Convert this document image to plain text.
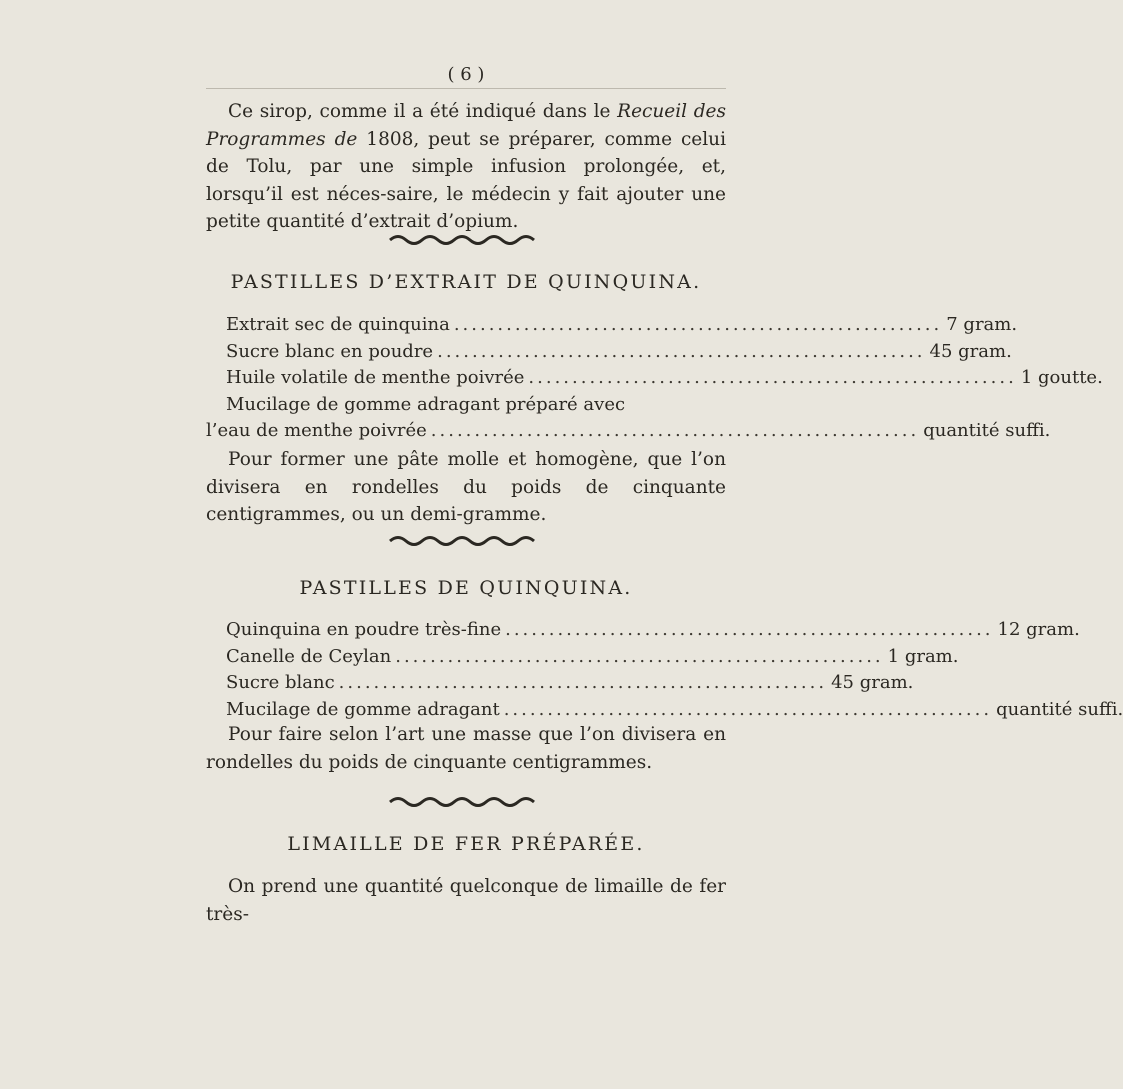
( 6 )
Ce sirop, comme il a été indiqué dans le Recueil des Programmes de 1808, peut se préparer, comme celui de Tolu, par une simple infusion prolongée, et, lorsqu’il est néces-saire, le médecin y fait ajouter une petite quantité d’extrait d’opium.
PASTILLES D’EXTRAIT DE QUINQUINA.
Extrait sec de quinquina ........................................................ 7 gram.
Sucre blanc en poudre ........................................................ 45 gram.
Huile volatile de menthe poivrée ........................................................ 1 goutte.
Mucilage de gomme adragant préparé avec
l’eau de menthe poivrée ........................................................ quantité suffi.
Pour former une pâte molle et homogène, que l’on divisera en rondelles du poids de cinquante centigrammes, ou un demi-gramme.
PASTILLES DE QUINQUINA.
Quinquina en poudre très-fine ........................................................ 12 gram.
Canelle de Ceylan ........................................................ 1 gram.
Sucre blanc ........................................................ 45 gram.
Mucilage de gomme adragant ........................................................ quantité suffi.
Pour faire selon l’art une masse que l’on divisera en rondelles du poids de cinquante centigrammes.
LIMAILLE DE FER PRÉPARÉE.
On prend une quantité quelconque de limaille de fer très-
